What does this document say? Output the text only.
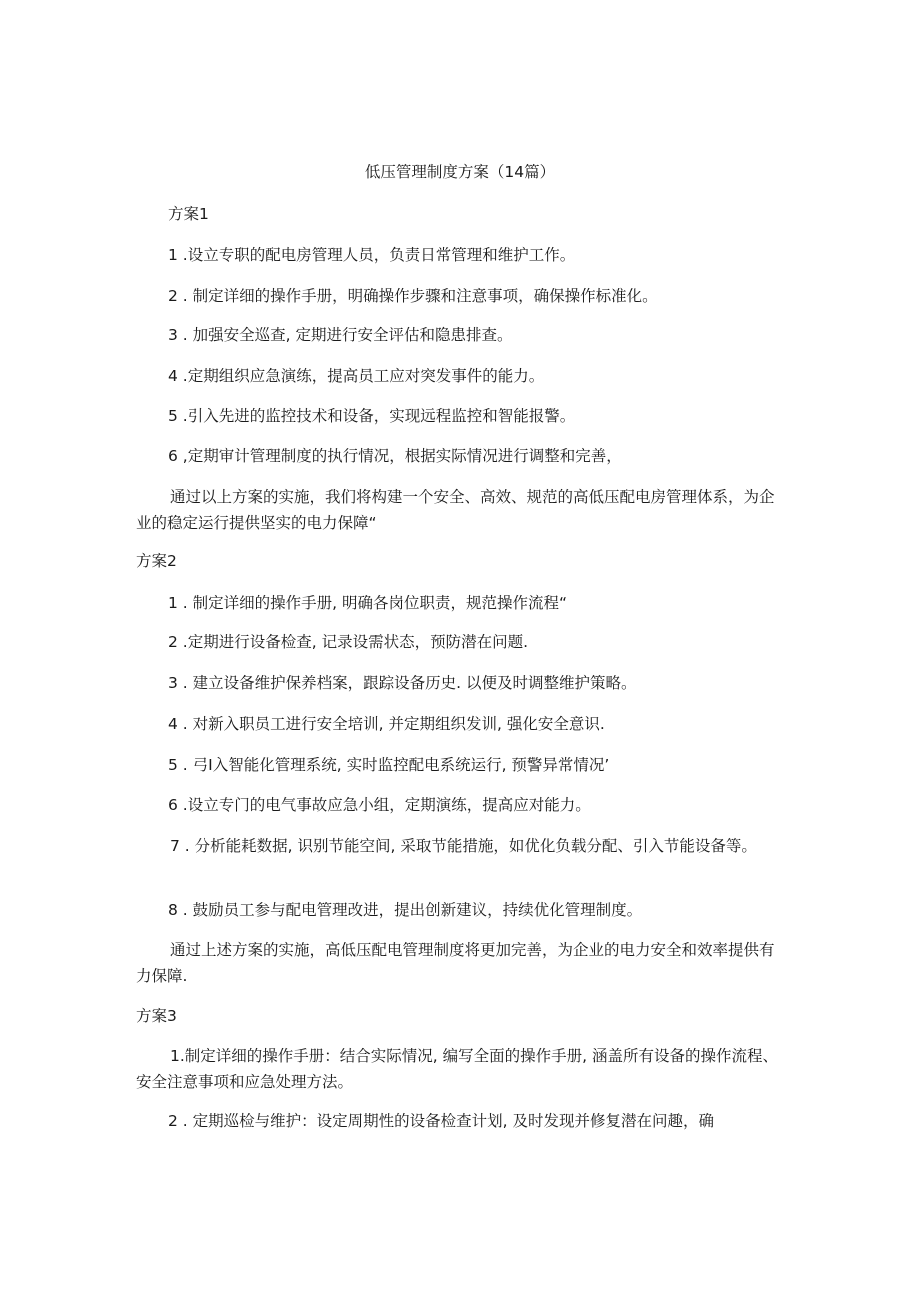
低压管理制度方案（14篇）
方案1
1 .设立专职的配电房管理人员，负责日常管理和维护工作。
2 . 制定详细的操作手册，明确操作步骤和注意事项，确保操作标准化。
3 . 加强安全巡查, 定期进行安全评估和隐患排查。
4 .定期组织应急演练，提高员工应对突发事件的能力。
5 .引入先进的监控技术和设备，实现远程监控和智能报警。
6 ,定期审计管理制度的执行情况，根据实际情况进行调整和完善，
通过以上方案的实施，我们将构建一个安全、高效、规范的高低压配电房管理体系，为企业的稳定运行提供坚实的电力保障“
方案2
1 . 制定详细的操作手册, 明确各岗位职责，规范操作流程“
2 .定期进行设备检查, 记录设需状态，预防潜在问题.
3 . 建立设备维护保养档案，跟踪设备历史. 以便及时调整维护策略。
4 . 对新入职员工进行安全培训, 并定期组织发训, 强化安全意识.
5 . 弓I入智能化管理系统, 实时监控配电系统运行, 预警异常情况’
6 .设立专门的电气事故应急小组，定期演练，提高应对能力。
7 . 分析能耗数据, 识别节能空间, 采取节能措施，如优化负载分配、引入节能设备等。
8 . 鼓励员工参与配电管理改进，提出创新建议，持续优化管理制度。
通过上述方案的实施，高低压配电管理制度将更加完善，为企业的电力安全和效率提供有力保障.
方案3
1.制定详细的操作手册：结合实际情况, 编写全面的操作手册, 涵盖所有设备的操作流程、安全注意事项和应急处理方法。
2 . 定期巡检与维护：设定周期性的设备检查计划, 及时发现并修复潜在问趣，确
